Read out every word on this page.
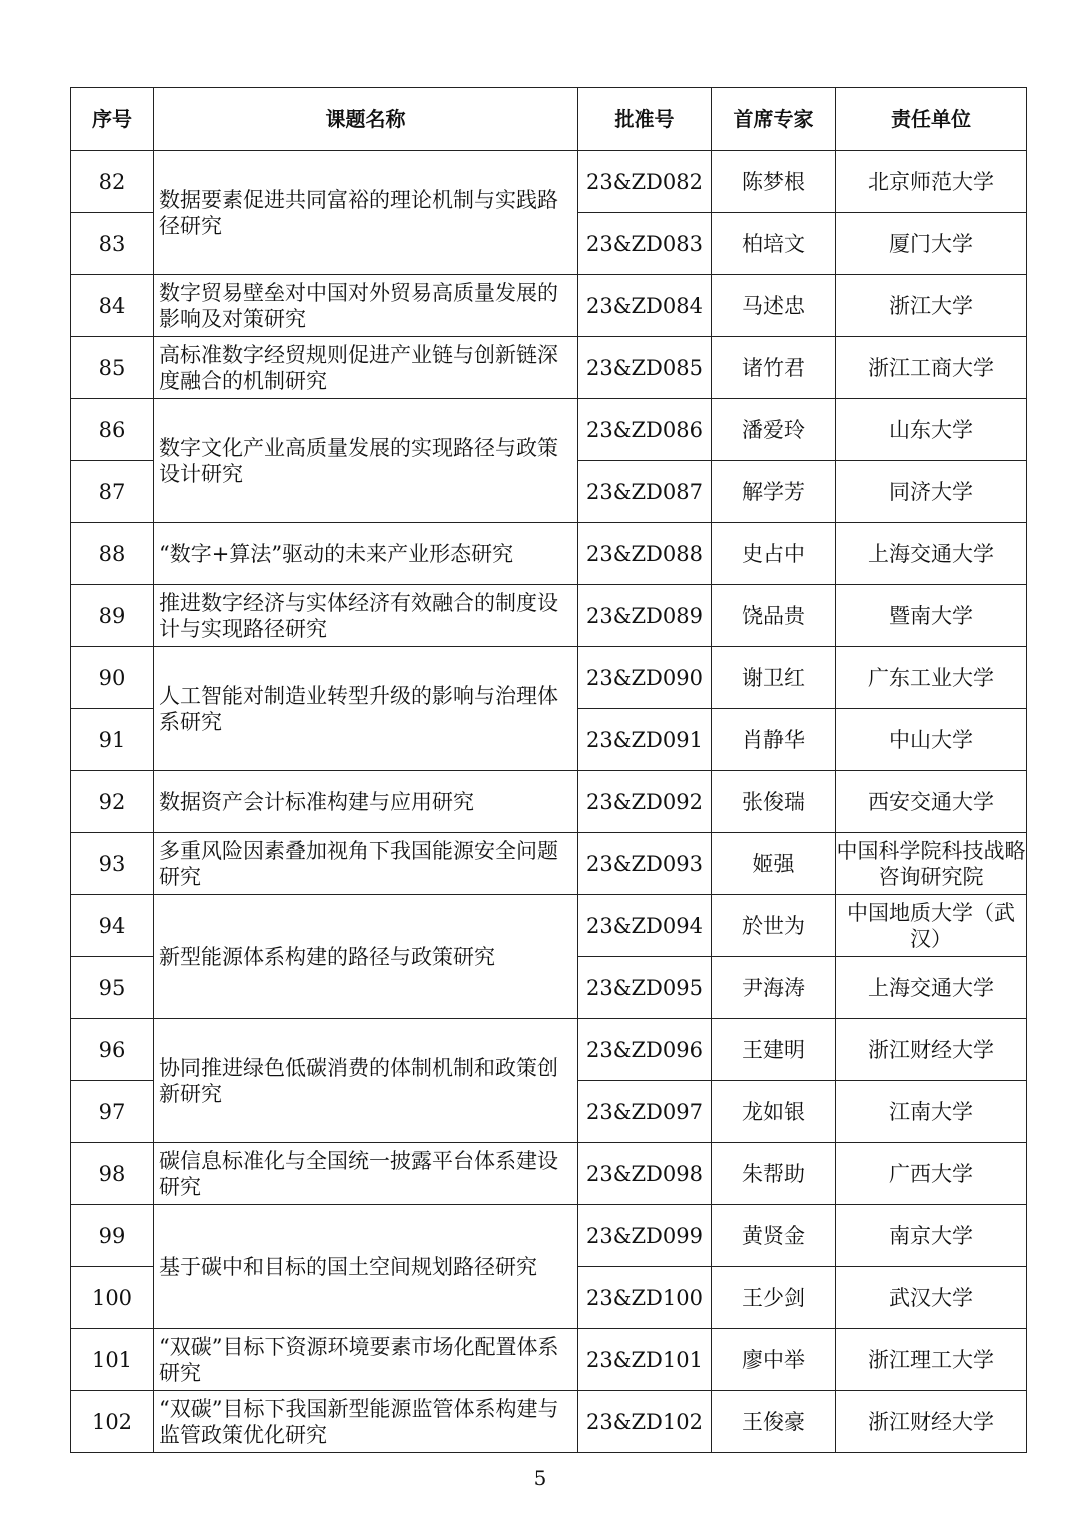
序号	课题名称	批准号	首席专家	责任单位
82	数据要素促进共同富裕的理论机制与实践路径研究	23&ZD082	陈梦根	北京师范大学
83		23&ZD083	柏培文	厦门大学
84	数字贸易壁垒对中国对外贸易高质量发展的影响及对策研究	23&ZD084	马述忠	浙江大学
85	高标准数字经贸规则促进产业链与创新链深度融合的机制研究	23&ZD085	诸竹君	浙江工商大学
86	数字文化产业高质量发展的实现路径与政策设计研究	23&ZD086	潘爱玲	山东大学
87		23&ZD087	解学芳	同济大学
88	“数字+算法”驱动的未来产业形态研究	23&ZD088	史占中	上海交通大学
89	推进数字经济与实体经济有效融合的制度设计与实现路径研究	23&ZD089	饶品贵	暨南大学
90	人工智能对制造业转型升级的影响与治理体系研究	23&ZD090	谢卫红	广东工业大学
91		23&ZD091	肖静华	中山大学
92	数据资产会计标准构建与应用研究	23&ZD092	张俊瑞	西安交通大学
93	多重风险因素叠加视角下我国能源安全问题研究	23&ZD093	姬强	中国科学院科技战略咨询研究院
94	新型能源体系构建的路径与政策研究	23&ZD094	於世为	中国地质大学（武汉）
95		23&ZD095	尹海涛	上海交通大学
96	协同推进绿色低碳消费的体制机制和政策创新研究	23&ZD096	王建明	浙江财经大学
97		23&ZD097	龙如银	江南大学
98	碳信息标准化与全国统一披露平台体系建设研究	23&ZD098	朱帮助	广西大学
99	基于碳中和目标的国土空间规划路径研究	23&ZD099	黄贤金	南京大学
100		23&ZD100	王少剑	武汉大学
101	“双碳”目标下资源环境要素市场化配置体系研究	23&ZD101	廖中举	浙江理工大学
102	“双碳”目标下我国新型能源监管体系构建与监管政策优化研究	23&ZD102	王俊豪	浙江财经大学
5
